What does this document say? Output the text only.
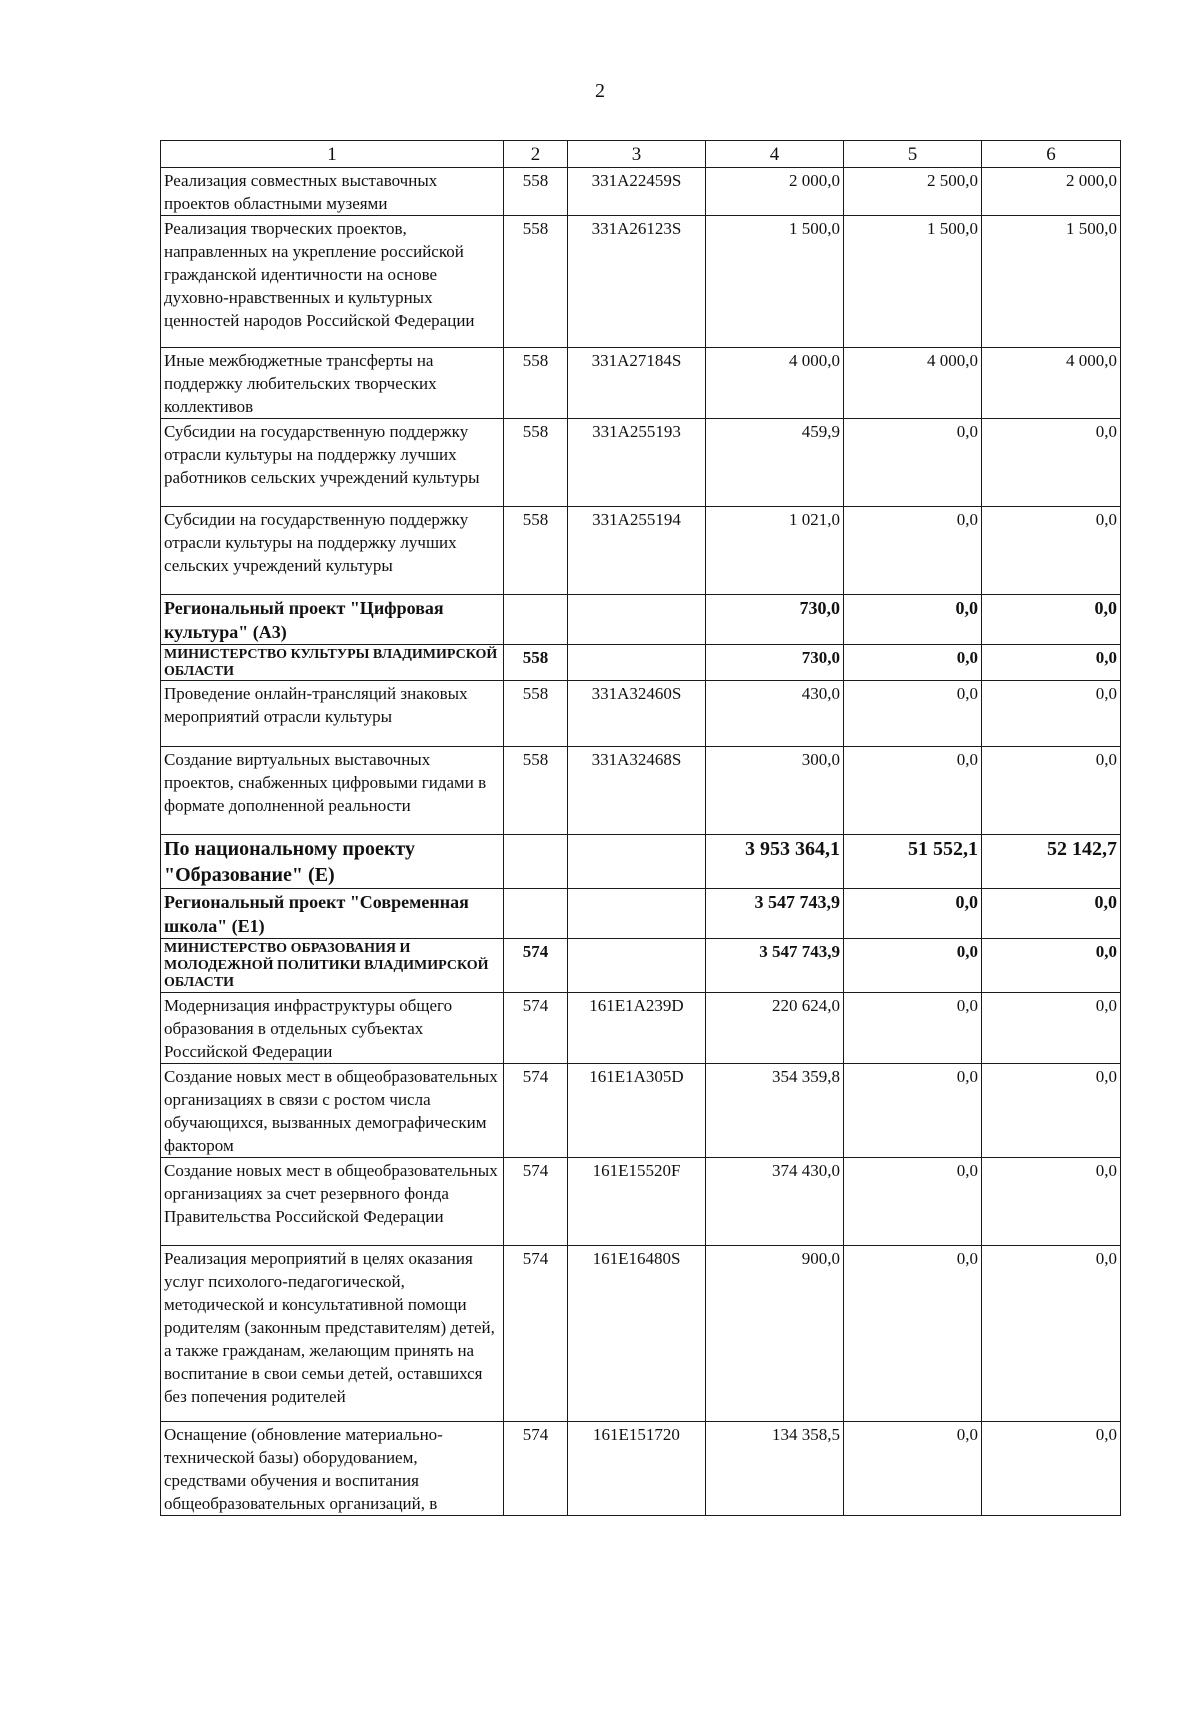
2
1	2	3	4	5	6
Реализация совместных выставочных проектов областными музеями	558	331A22459S	2 000,0	2 500,0	2 000,0
Реализация творческих проектов, направленных на укрепление российской гражданской идентичности на основе духовно-нравственных и культурных ценностей народов Российской Федерации	558	331A26123S	1 500,0	1 500,0	1 500,0
Иные межбюджетные трансферты на поддержку любительских творческих коллективов	558	331A27184S	4 000,0	4 000,0	4 000,0
Субсидии на государственную поддержку отрасли культуры на поддержку лучших работников сельских учреждений культуры	558	331A255193	459,9	0,0	0,0
Субсидии на государственную поддержку отрасли культуры на поддержку лучших сельских учреждений культуры	558	331A255194	1 021,0	0,0	0,0
Региональный проект "Цифровая культура" (А3)			730,0	0,0	0,0
МИНИСТЕРСТВО КУЛЬТУРЫ ВЛАДИМИРСКОЙ ОБЛАСТИ	558		730,0	0,0	0,0
Проведение онлайн-трансляций знаковых мероприятий отрасли культуры	558	331A32460S	430,0	0,0	0,0
Создание виртуальных выставочных проектов, снабженных цифровыми гидами в формате дополненной реальности	558	331A32468S	300,0	0,0	0,0
По национальному проекту "Образование" (Е)			3 953 364,1	51 552,1	52 142,7
Региональный проект "Современная школа" (Е1)			3 547 743,9	0,0	0,0
МИНИСТЕРСТВО ОБРАЗОВАНИЯ И МОЛОДЕЖНОЙ ПОЛИТИКИ ВЛАДИМИРСКОЙ ОБЛАСТИ	574		3 547 743,9	0,0	0,0
Модернизация инфраструктуры общего образования в отдельных субъектах Российской Федерации	574	161E1A239D	220 624,0	0,0	0,0
Создание новых мест в общеобразовательных организациях в связи с ростом числа обучающихся, вызванных демографическим фактором	574	161E1A305D	354 359,8	0,0	0,0
Создание новых мест в общеобразовательных организациях за счет резервного фонда Правительства Российской Федерации	574	161E15520F	374 430,0	0,0	0,0
Реализация мероприятий в целях оказания услуг психолого-педагогической, методической и консультативной помощи родителям (законным представителям) детей, а также гражданам, желающим принять на воспитание в свои семьи детей, оставшихся без попечения родителей	574	161E16480S	900,0	0,0	0,0
Оснащение (обновление материально-технической базы) оборудованием, средствами обучения и воспитания общеобразовательных организаций, в	574	161E151720	134 358,5	0,0	0,0
